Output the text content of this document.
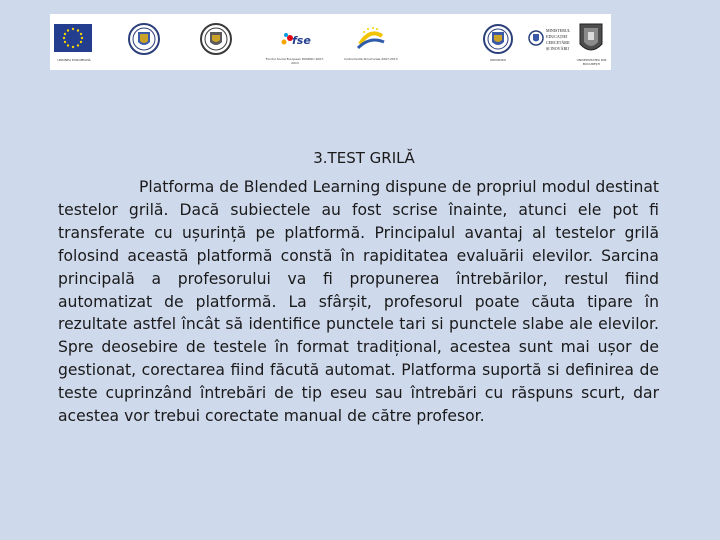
UNIUNEA EUROPEANĂ
fse
Fondul Social European POSDRU 2007-2013
Instrumente Structurale 2007-2013	OIPOSDRU
MINISTERUL EDUCAȚIEI CERCETĂRII ȘI INOVĂRII
UNIVERSITATEA DIN BUCUREȘTI
3.TEST GRILĂ

Platforma de Blended Learning dispune de propriul modul destinat testelor grilă. Dacă subiectele au fost scrise înainte, atunci ele pot fi transferate cu ușurință pe platformă. Principalul avantaj al testelor grilă folosind această platformă constă în rapiditatea evaluării elevilor. Sarcina principală a profesorului va fi propunerea întrebărilor, restul fiind automatizat de platformă. La sfârșit, profesorul poate căuta tipare în rezultate astfel încât să identifice punctele tari si punctele slabe ale elevilor. Spre deosebire de testele în format tradițional, acestea sunt mai ușor de gestionat, corectarea fiind făcută automat. Platforma suportă si definirea de teste cuprinzând întrebări de tip eseu sau întrebări cu răspuns scurt, dar acestea vor trebui corectate manual de către profesor.
